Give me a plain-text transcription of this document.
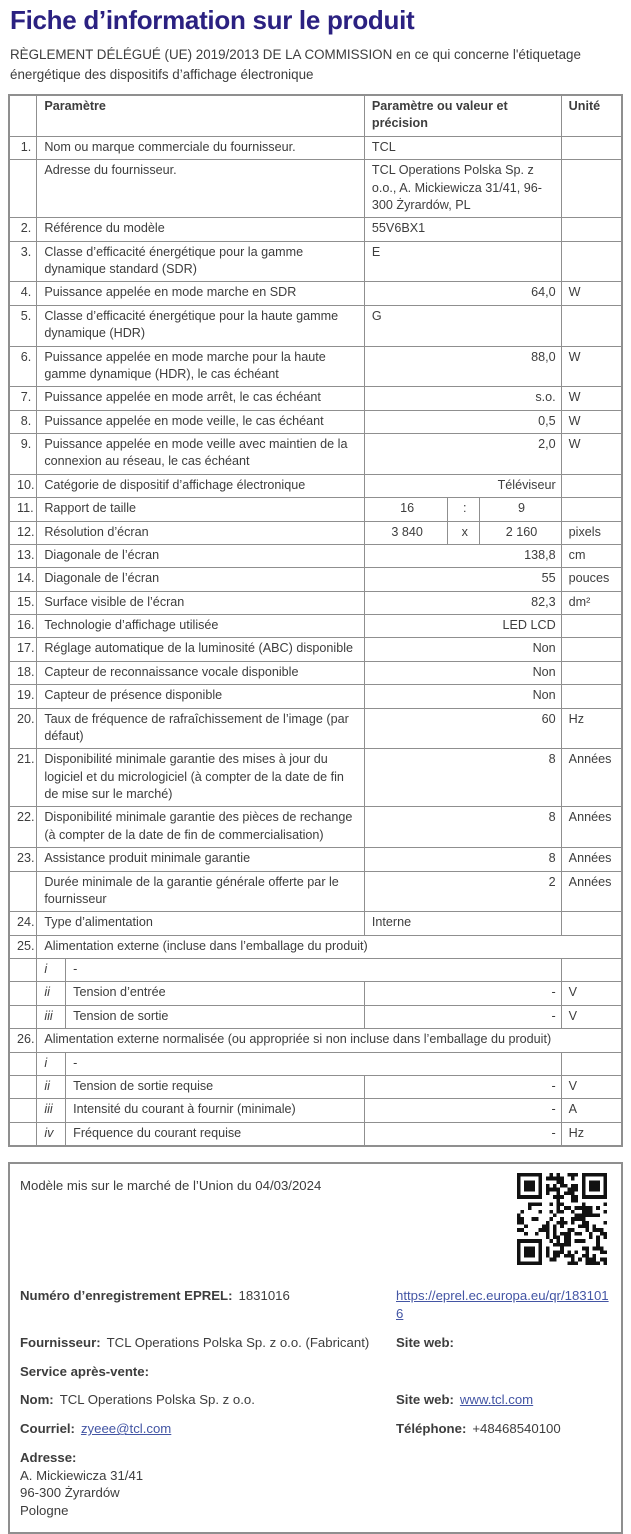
Fiche d’information sur le produit

RÈGLEMENT DÉLÉGUÉ (UE) 2019/2013 DE LA COMMISSION en ce qui concerne l'étiquetage énergétique des dispositifs d’affichage électronique

	Paramètre		Paramètre ou valeur et précision			Unité
1.	Nom ou marque commerciale du fournisseur.		TCL			
	Adresse du fournisseur.		TCL Operations Polska Sp. z o.o., A. Mickiewicza 31/41, 96-300 Żyrardów, PL			
2.	Référence du modèle		55V6BX1			
3.	Classe d’efficacité énergétique pour la gamme dynamique standard (SDR)		E			
4.	Puissance appelée en mode marche en SDR		64,0			W
5.	Classe d’efficacité énergétique pour la haute gamme dynamique (HDR)		G			
6.	Puissance appelée en mode marche pour la haute gamme dynamique (HDR), le cas échéant		88,0			W
7.	Puissance appelée en mode arrêt, le cas échéant		s.o.			W
8.	Puissance appelée en mode veille, le cas échéant		0,5			W
9.	Puissance appelée en mode veille avec maintien de la connexion au réseau, le cas échéant		2,0			W
10.	Catégorie de dispositif d’affichage électronique		Téléviseur			
11.	Rapport de taille		16	:	9	
12.	Résolution d’écran		3 840	x	2 160	pixels
13.	Diagonale de l’écran		138,8			cm
14.	Diagonale de l’écran		55			pouces
15.	Surface visible de l’écran		82,3			dm²
16.	Technologie d’affichage utilisée		LED LCD			
17.	Réglage automatique de la luminosité (ABC) disponible		Non			
18.	Capteur de reconnaissance vocale disponible		Non			
19.	Capteur de présence disponible		Non			
20.	Taux de fréquence de rafraîchissement de l’image (par défaut)		60			Hz
21.	Disponibilité minimale garantie des mises à jour du logiciel et du micrologiciel (à compter de la date de fin de mise sur le marché)		8			Années
22.	Disponibilité minimale garantie des pièces de rechange (à compter de la date de fin de commercialisation)		8			Années
23.	Assistance produit minimale garantie		8			Années
	Durée minimale de la garantie générale offerte par le fournisseur		2			Années
24.	Type d’alimentation		Interne			
25.	Alimentation externe (incluse dans l’emballage du produit)					
	i	-				
	ii	Tension d’entrée	-			V
	iii	Tension de sortie	-			V
26.	Alimentation externe normalisée (ou appropriée si non incluse dans l’emballage du produit)					
	i	-				
	ii	Tension de sortie requise	-			V
	iii	Intensité du courant à fournir (minimale)	-			A
	iv	Fréquence du courant requise	-			Hz
Modèle mis sur le marché de l’Union du 04/03/2024
Numéro d’enregistrement EPREL: 1831016	https://eprel.ec.europa.eu/qr/1831016
Fournisseur: TCL Operations Polska Sp. z o.o. (Fabricant)	Site web:
Service après-vente:
Nom: TCL Operations Polska Sp. z o.o.	Site web: www.tcl.com
Courriel: zyeee@tcl.com	Téléphone: +48468540100
Adresse:
A. Mickiewicza 31/41
96-300 Żyrardów
Pologne
